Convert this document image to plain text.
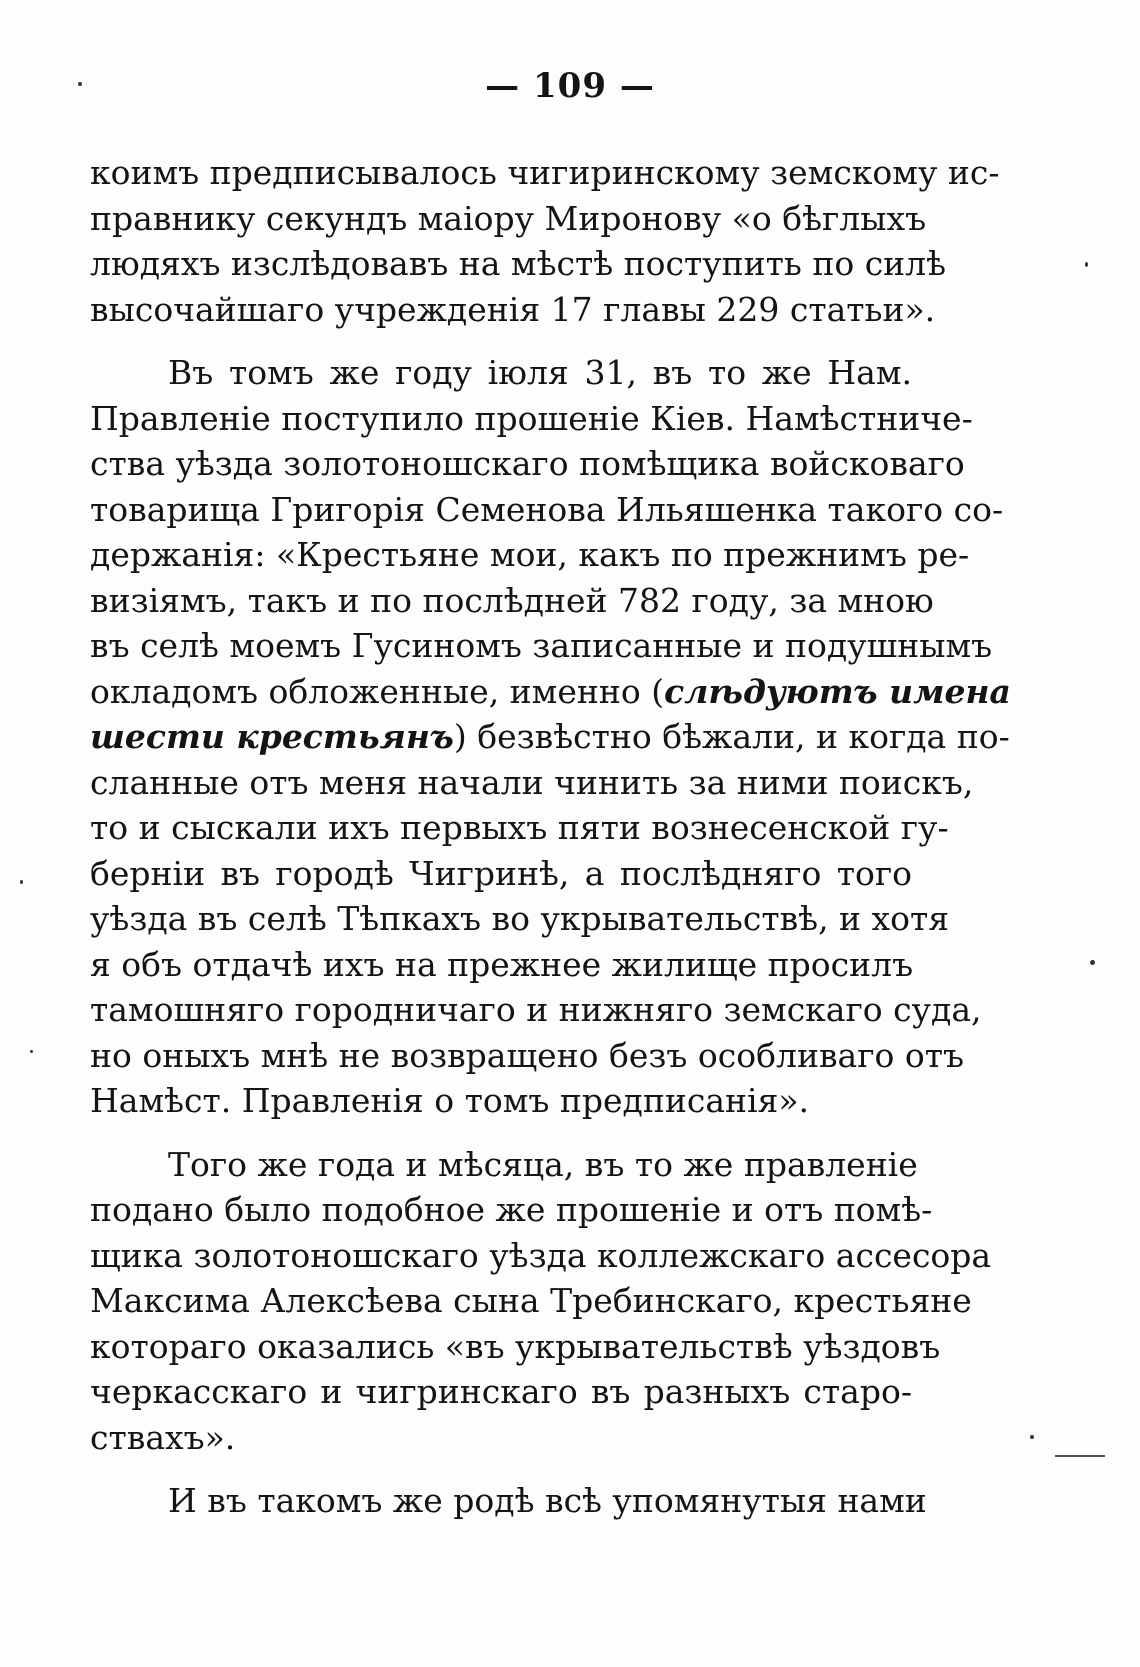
— 109 —
коимъ предписывалось чигиринскому земскому ис-
правнику секундъ маіору Миронову «о бѣглыхъ
людяхъ изслѣдовавъ на мѣстѣ поступить по силѣ
высочайшаго учрежденія 17 главы 229 статьи».
Въ томъ же году іюля 31, въ то же Нам.
Правленіе поступило прошеніе Кіев. Намѣстниче-
ства уѣзда золотоношскаго помѣщика войсковаго
товарища Григорія Семенова Ильяшенка такого со-
держанія: «Крестьяне мои, какъ по прежнимъ ре-
визіямъ, такъ и по послѣдней 782 году, за мною
въ селѣ моемъ Гусиномъ записанные и подушнымъ
окладомъ обложенные, именно (слѣдуютъ имена
шести крестьянъ) безвѣстно бѣжали, и когда по-
сланные отъ меня начали чинить за ними поискъ,
то и сыскали ихъ первыхъ пяти вознесенской гу-
берніи въ городѣ Чигринѣ, а послѣдняго того
уѣзда въ селѣ Тѣпкахъ во укрывательствѣ, и хотя
я объ отдачѣ ихъ на прежнее жилище просилъ
тамошняго городничаго и нижняго земскаго суда,
но оныхъ мнѣ не возвращено безъ особливаго отъ
Намѣст. Правленія о томъ предписанія».
Того же года и мѣсяца, въ то же правленіе
подано было подобное же прошеніе и отъ помѣ-
щика золотоношскаго уѣзда коллежскаго ассесора
Максима Алексѣева сына Требинскаго, крестьяне
котораго оказались «въ укрывательствѣ уѣздовъ
черкасскаго и чигринскаго въ разныхъ старо-
ствахъ».
И въ такомъ же родѣ всѣ упомянутыя нами
